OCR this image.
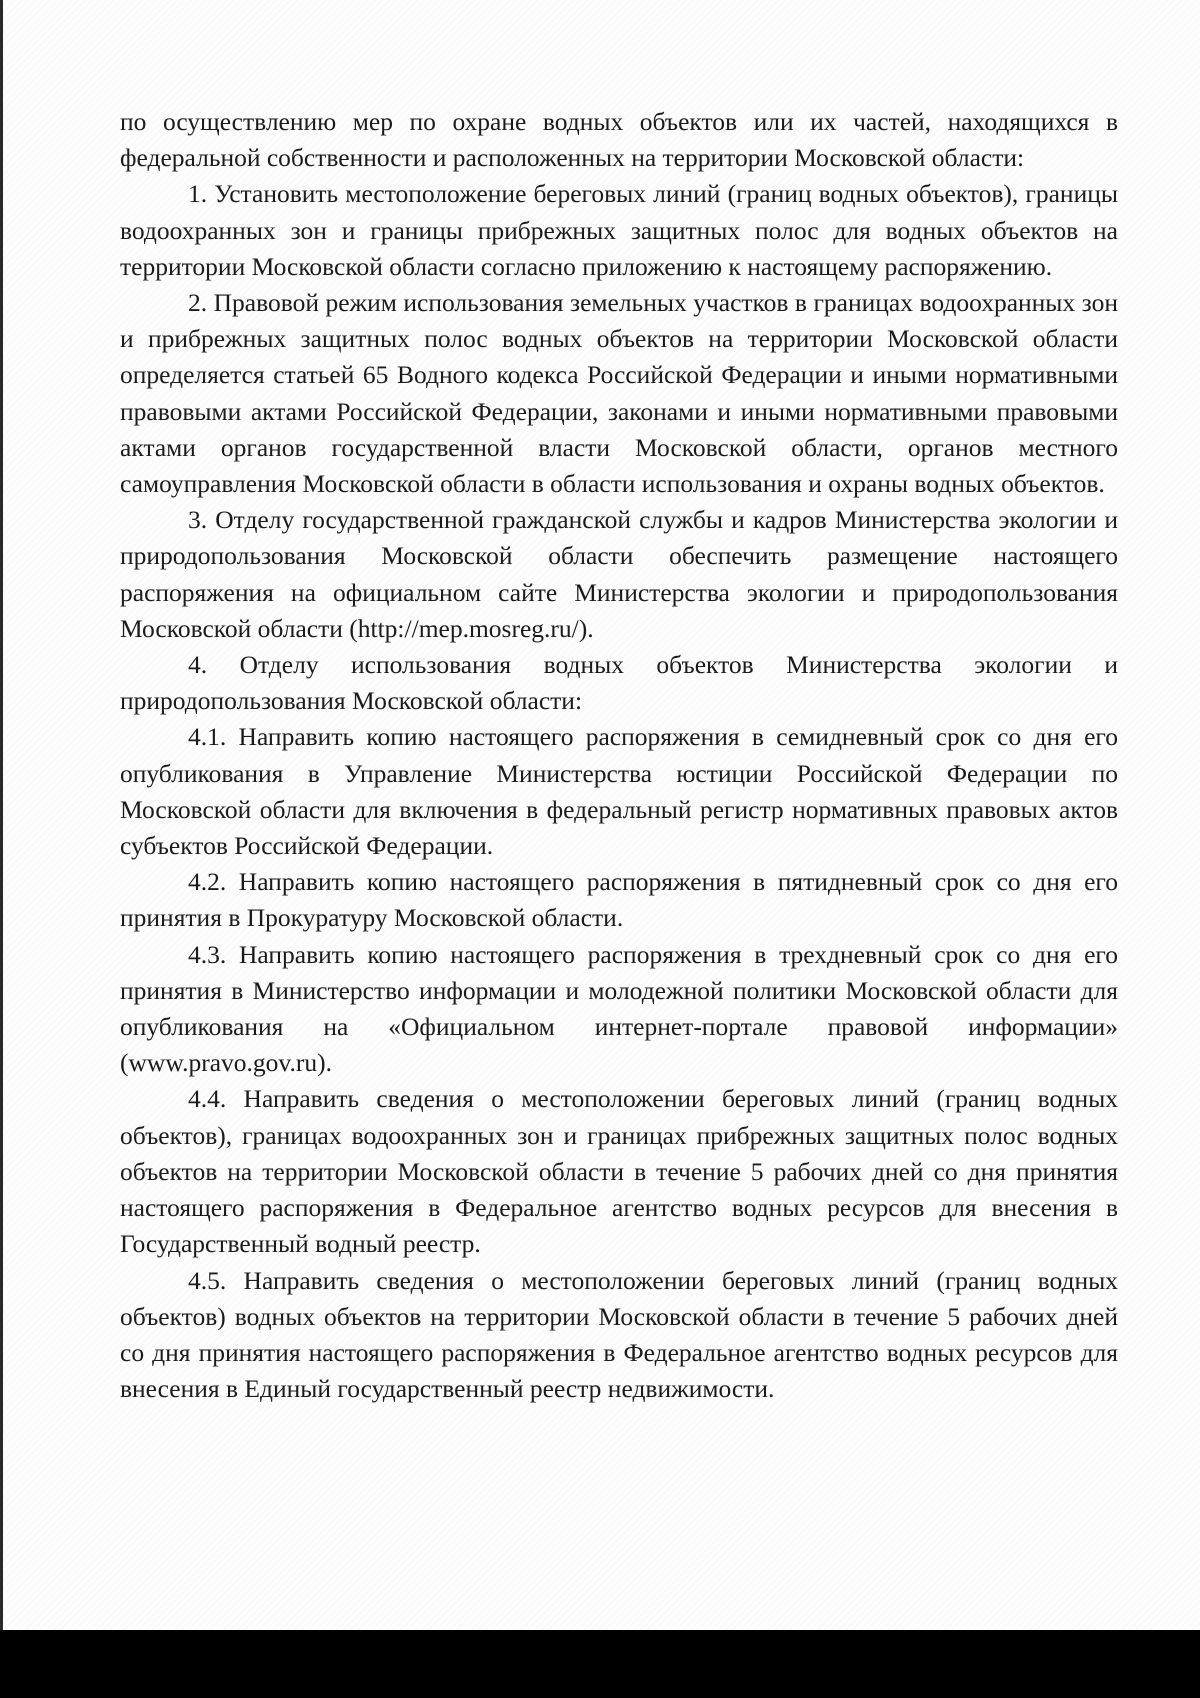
по осуществлению мер по охране водных объектов или их частей, находящихся в федеральной собственности и расположенных на территории Московской области:

1. Установить местоположение береговых линий (границ водных объектов), границы водоохранных зон и границы прибрежных защитных полос для водных объектов на территории Московской области согласно приложению к настоящему распоряжению.

2. Правовой режим использования земельных участков в границах водоохранных зон и прибрежных защитных полос водных объектов на территории Московской области определяется статьей 65 Водного кодекса Российской Федерации и иными нормативными правовыми актами Российской Федерации, законами и иными нормативными правовыми актами органов государственной власти Московской области, органов местного самоуправления Московской области в области использования и охраны водных объектов.

3. Отделу государственной гражданской службы и кадров Министерства экологии и природопользования Московской области обеспечить размещение настоящего распоряжения на официальном сайте Министерства экологии и природопользования Московской области (http://mep.mosreg.ru/).

4. Отделу использования водных объектов Министерства экологии и природопользования Московской области:

4.1. Направить копию настоящего распоряжения в семидневный срок со дня его опубликования в Управление Министерства юстиции Российской Федерации по Московской области для включения в федеральный регистр нормативных правовых актов субъектов Российской Федерации.

4.2. Направить копию настоящего распоряжения в пятидневный срок со дня его принятия в Прокуратуру Московской области.

4.3. Направить копию настоящего распоряжения в трехдневный срок со дня его принятия в Министерство информации и молодежной политики Московской области для опубликования на «Официальном интернет-портале правовой информации» (www.pravo.gov.ru).

4.4. Направить сведения о местоположении береговых линий (границ водных объектов), границах водоохранных зон и границах прибрежных защитных полос водных объектов на территории Московской области в течение 5 рабочих дней со дня принятия настоящего распоряжения в Федеральное агентство водных ресурсов для внесения в Государственный водный реестр.

4.5. Направить сведения о местоположении береговых линий (границ водных объектов) водных объектов на территории Московской области в течение 5 рабочих дней со дня принятия настоящего распоряжения в Федеральное агентство водных ресурсов для внесения в Единый государственный реестр недвижимости.
